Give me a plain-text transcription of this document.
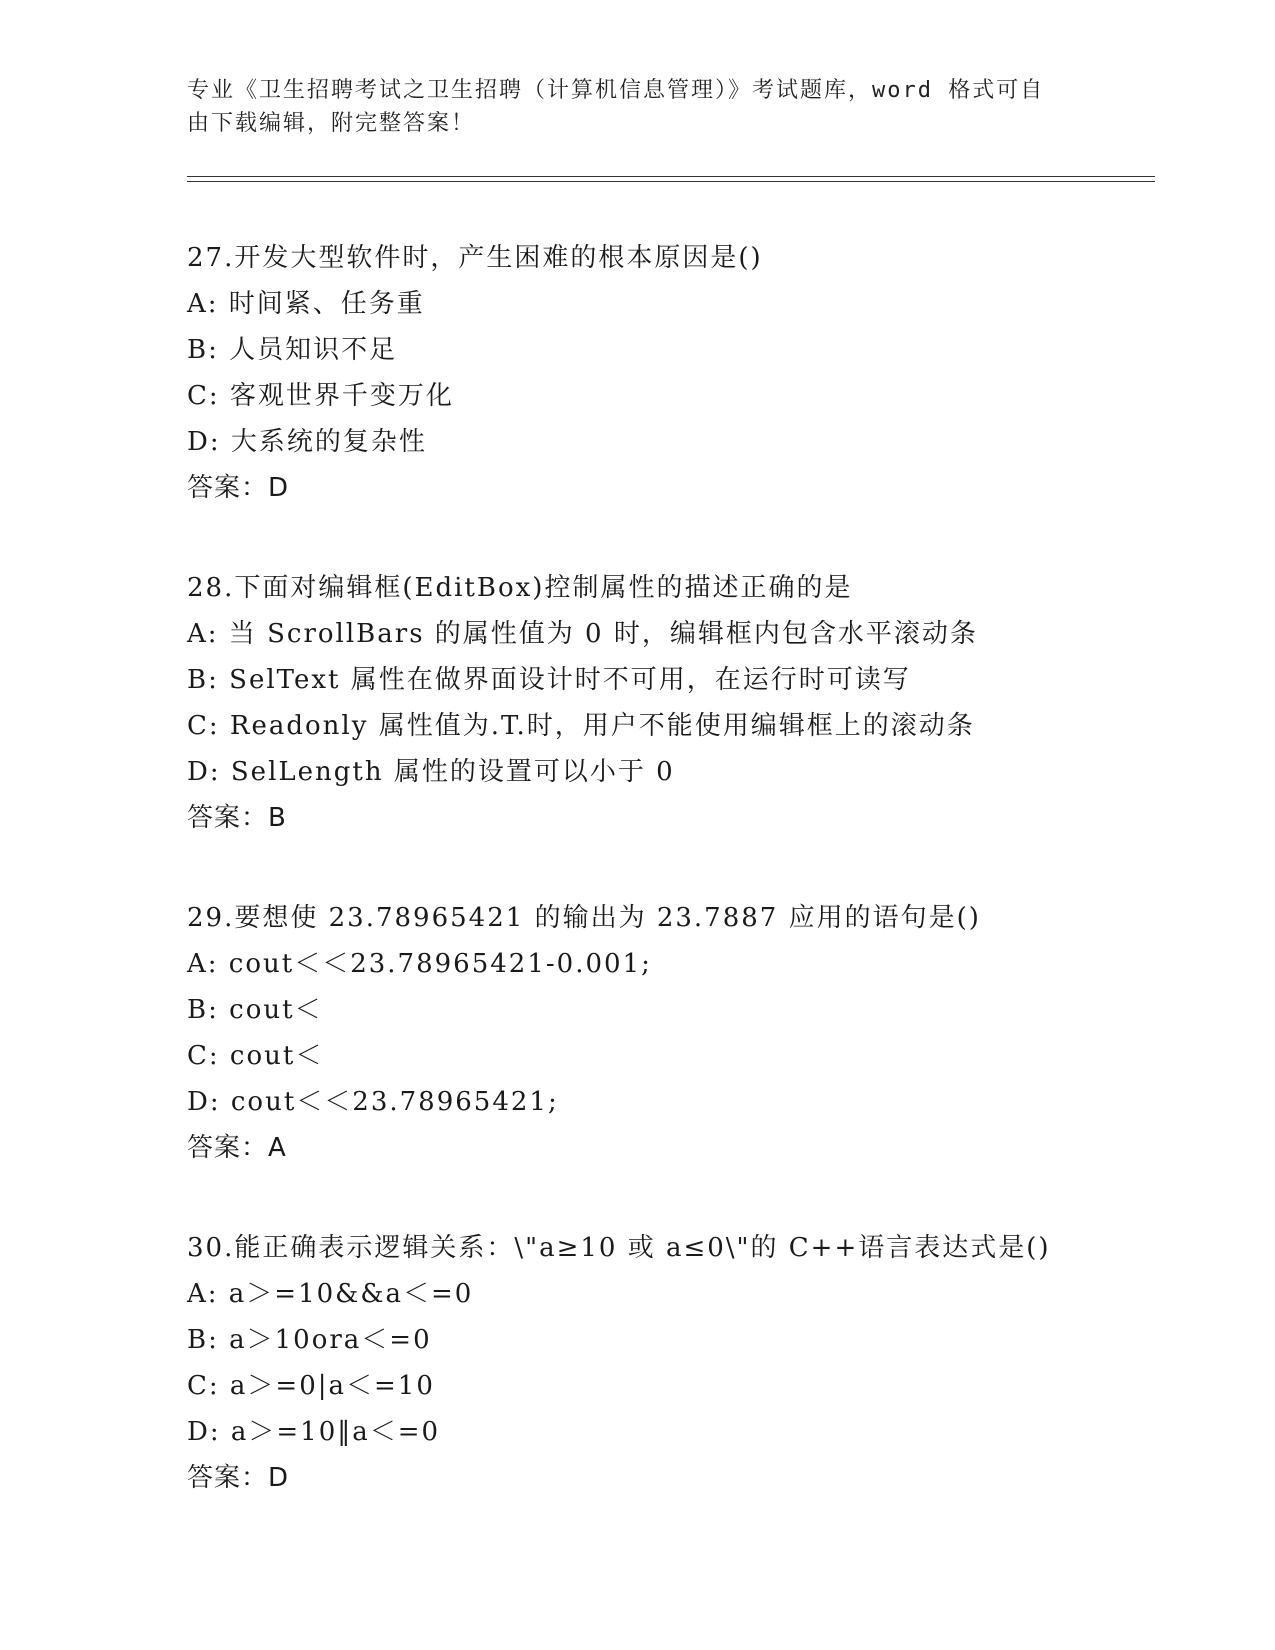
专业《卫生招聘考试之卫生招聘（计算机信息管理）》考试题库，word 格式可自
由下载编辑，附完整答案！
27.开发大型软件时，产生困难的根本原因是()
A: 时间紧、任务重
B: 人员知识不足
C: 客观世界千变万化
D: 大系统的复杂性
答案：D
28.下面对编辑框(EditBox)控制属性的描述正确的是
A: 当 ScrollBars 的属性值为 0 时，编辑框内包含水平滚动条
B: SelText 属性在做界面设计时不可用，在运行时可读写
C: Readonly 属性值为.T.时，用户不能使用编辑框上的滚动条
D: SelLength 属性的设置可以小于 0
答案：B
29.要想使 23.78965421 的输出为 23.7887 应用的语句是()
A: cout＜＜23.78965421-0.001;
B: cout＜
C: cout＜
D: cout＜＜23.78965421;
答案：A
30.能正确表示逻辑关系：\"a≥10 或 a≤0\"的 C++语言表达式是()
A: a＞=10&&a＜=0
B: a＞10ora＜=0
C: a＞=0|a＜=10
D: a＞=10‖a＜=0
答案：D
